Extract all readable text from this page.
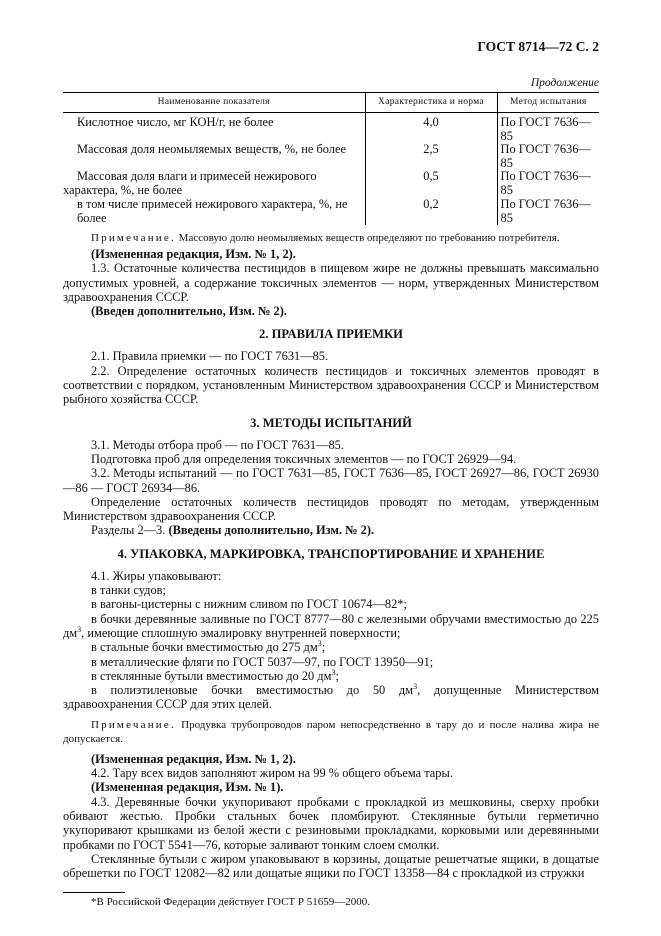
ГОСТ 8714—72 С. 2
Продолжение
Наименование показателя	Характеристика и норма	Метод испытания
Кислотное число, мг КОН/г, не более	4,0	По ГОСТ 7636—85
Массовая доля неомыляемых веществ, %, не более	2,5	По ГОСТ 7636—85
Массовая доля влаги и примесей нежирового характера, %, не более	0,5	По ГОСТ 7636—85
в том числе примесей нежирового характера, %, не более	0,2	По ГОСТ 7636—85

Примечание. Массовую долю неомыляемых веществ определяют по требованию потребителя.

(Измененная редакция, Изм. № 1, 2).

1.3. Остаточные количества пестицидов в пищевом жире не должны превышать максимально допустимых уровней, а содержание токсичных элементов — норм, утвержденных Министерством здравоохранения СССР.

(Введен дополнительно, Изм. № 2).

2. ПРАВИЛА ПРИЕМКИ

2.1. Правила приемки — по ГОСТ 7631—85.

2.2. Определение остаточных количеств пестицидов и токсичных элементов проводят в соответствии с порядком, установленным Министерством здравоохранения СССР и Министерством рыбного хозяйства СССР.

3. МЕТОДЫ ИСПЫТАНИЙ

3.1. Методы отбора проб — по ГОСТ 7631—85.

Подготовка проб для определения токсичных элементов — по ГОСТ 26929—94.

3.2. Методы испытаний — по ГОСТ 7631—85, ГОСТ 7636—85, ГОСТ 26927—86, ГОСТ 26930—86 — ГОСТ 26934—86.

Определение остаточных количеств пестицидов проводят по методам, утвержденным Министерством здравоохранения СССР.

Разделы 2—3. (Введены дополнительно, Изм. № 2).

4. УПАКОВКА, МАРКИРОВКА, ТРАНСПОРТИРОВАНИЕ И ХРАНЕНИЕ

4.1. Жиры упаковывают:

в танки судов;

в вагоны-цистерны с нижним сливом по ГОСТ 10674—82*;

в бочки деревянные заливные по ГОСТ 8777—80 с железными обручами вместимостью до 225 $дм^3$, имеющие сплошную эмалировку внутренней поверхности;

в стальные бочки вместимостью до 275 $дм^3$;

в металлические фляги по ГОСТ 5037—97, по ГОСТ 13950—91;

в стеклянные бутыли вместимостью до 20 $дм^3$;

в полиэтиленовые бочки вместимостью до 50 $дм^3$, допущенные Министерством здравоохранения СССР для этих целей.

Примечание. Продувка трубопроводов паром непосредственно в тару до и после налива жира не допускается.

(Измененная редакция, Изм. № 1, 2).

4.2. Тару всех видов заполняют жиром на 99 % общего объема тары.

(Измененная редакция, Изм. № 1).

4.3. Деревянные бочки укупоривают пробками с прокладкой из мешковины, сверху пробки обивают жестью. Пробки стальных бочек пломбируют. Стеклянные бутыли герметично укупоривают крышками из белой жести с резиновыми прокладками, корковыми или деревянными пробками по ГОСТ 5541—76, которые заливают тонким слоем смолки.

Стеклянные бутыли с жиром упаковывают в корзины, дощатые решетчатые ящики, в дощатые обрешетки по ГОСТ 12082—82 или дощатые ящики по ГОСТ 13358—84 с прокладкой из стружки

*В Российской Федерации действует ГОСТ Р 51659—2000.
